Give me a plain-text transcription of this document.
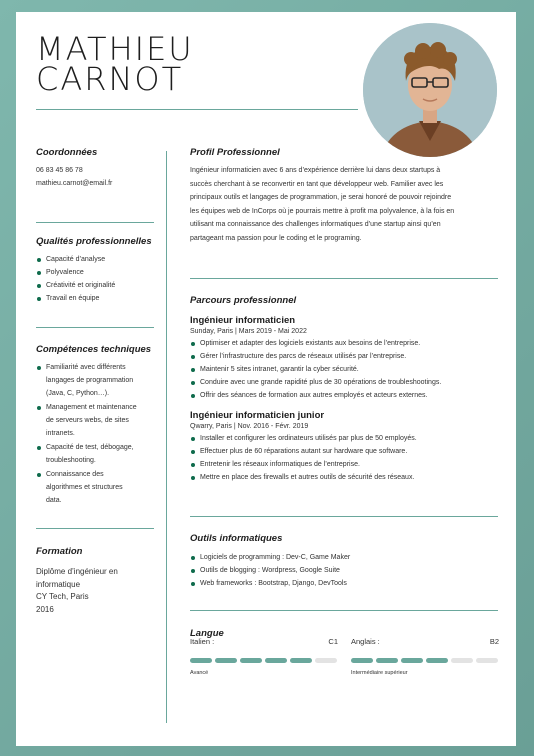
MATHIEU
CARNOT
Coordonnées
06 83 45 86 78
mathieu.carnot@email.fr
Qualités professionnelles
Capacité d’analyse
Polyvalence
Créativité et originalité
Travail en équipe
Compétences techniques
Familiarité avec différents
langages de programmation
(Java, C, Python…).
Management et maintenance
de serveurs webs, de sites
intranets.
Capacité de test, débogage,
troubleshooting.
Connaissance des
algorithmes et structures
data.
Formation
Diplôme d’ingénieur en
informatique
CY Tech, Paris
2016
Profil Professionnel
Ingénieur informaticien avec 6 ans d’expérience derrière lui dans deux startups à
succès cherchant à se reconvertir en tant que développeur web. Familier avec les
principaux outils et langages de programmation, je serai honoré de pouvoir rejoindre
les équipes web de InCorps où je pourrais mettre à profit ma polyvalence, à la fois en
utilisant ma connaissance des challenges informatiques d’une startup ainsi qu’en
partageant ma passion pour le coding et le programing.
Parcours professionnel
Ingénieur informaticien
Sunday, Paris | Mars 2019 - Mai 2022
Optimiser et adapter des logiciels existants aux besoins de l’entreprise.
Gérer l’infrastructure des parcs de réseaux utilisés par l’entreprise.
Maintenir 5 sites intranet, garantir la cyber sécurité.
Conduire avec une grande rapidité plus de 30 opérations de troubleshootings.
Offrir des séances de formation aux autres employés et acteurs externes.
Ingénieur informaticien junior
Qwarry, Paris | Nov. 2016 - Févr. 2019
Installer et configurer les ordinateurs utilisés par plus de 50 employés.
Effectuer plus de 60 réparations autant sur hardware que software.
Entretenir les réseaux informatiques de l’entreprise.
Mettre en place des firewalls et autres outils de sécurité des réseaux.
Outils informatiques
Logiciels de programming : Dev-C, Game Maker
Outils de blogging : Wordpress, Google Suite
Web frameworks : Bootstrap, Django, DevTools
Langue
Italien :	C1
Avancé
Anglais :	B2
Intermédiaire supérieur
